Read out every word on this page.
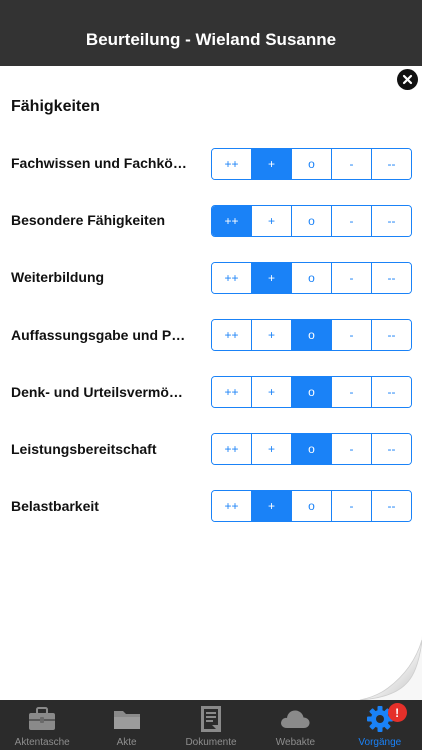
Beurteilung - Wieland Susanne
Fähigkeiten
Fachwissen und Fachkö…	++	+	o	-	--
Besondere Fähigkeiten	++	+	o	-	--
Weiterbildung	++	+	o	-	--
Auffassungsgabe und P…	++	+	o	-	--
Denk- und Urteilsvermö…	++	+	o	-	--
Leistungsbereitschaft	++	+	o	-	--
Belastbarkeit	++	+	o	-	--
Aktentasche	Akte	Dokumente	Webakte
!
Vorgänge
